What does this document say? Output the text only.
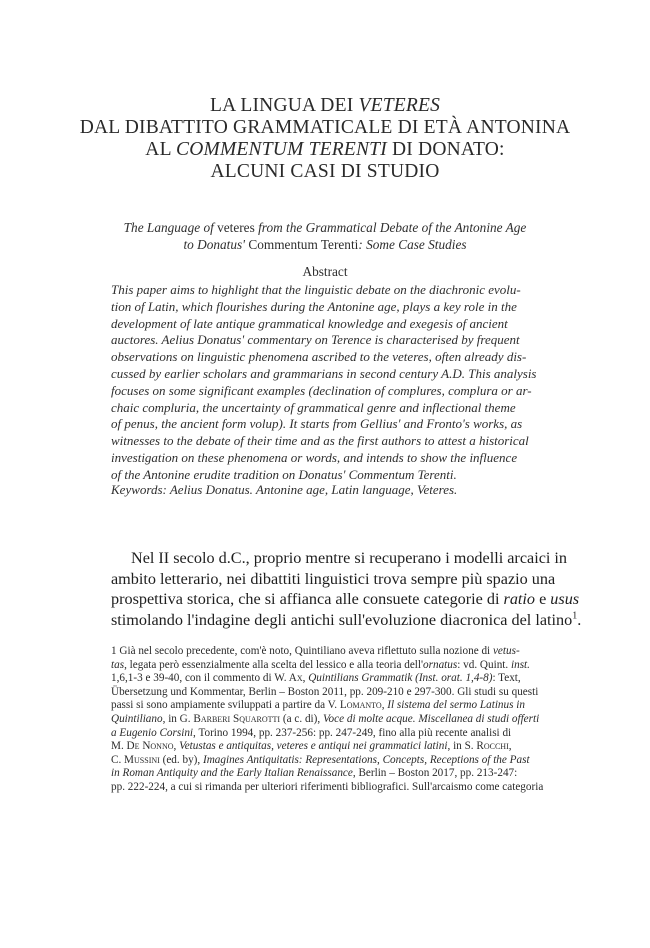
LA LINGUA DEI VETERES
DAL DIBATTITO GRAMMATICALE DI ETÀ ANTONINA
AL COMMENTUM TERENTI DI DONATO:
ALCUNI CASI DI STUDIO
The Language of veteres from the Grammatical Debate of the Antonine Age
to Donatus' Commentum Terenti: Some Case Studies
Abstract
This paper aims to highlight that the linguistic debate on the diachronic evolu-
tion of Latin, which flourishes during the Antonine age, plays a key role in the
development of late antique grammatical knowledge and exegesis of ancient
auctores. Aelius Donatus' commentary on Terence is characterised by frequent
observations on linguistic phenomena ascribed to the veteres, often already dis-
cussed by earlier scholars and grammarians in second century A.D. This analysis
focuses on some significant examples (declination of complures, complura or ar-
chaic compluria, the uncertainty of grammatical genre and inflectional theme
of penus, the ancient form volup). It starts from Gellius' and Fronto's works, as
witnesses to the debate of their time and as the first authors to attest a historical
investigation on these phenomena or words, and intends to show the influence
of the Antonine erudite tradition on Donatus' Commentum Terenti.
Keywords: Aelius Donatus. Antonine age, Latin language, Veteres.
Nel II secolo d.C., proprio mentre si recuperano i modelli arcaici in
ambito letterario, nei dibattiti linguistici trova sempre più spazio una
prospettiva storica, che si affianca alle consuete categorie di ratio e usus
stimolando l'indagine degli antichi sull'evoluzione diacronica del latino$^1$.
1 Già nel secolo precedente, com'è noto, Quintiliano aveva riflettuto sulla nozione di vetus-
tas, legata però essenzialmente alla scelta del lessico e alla teoria dell'ornatus: vd. Quint. inst.
1,6,1-3 e 39-40, con il commento di W. Ax, Quintilians Grammatik (Inst. orat. 1,4-8): Text,
Übersetzung und Kommentar, Berlin – Boston 2011, pp. 209-210 e 297-300. Gli studi su questi
passi si sono ampiamente sviluppati a partire da V. Lomanto, Il sistema del sermo Latinus in
Quintiliano, in G. Barberi Squarotti (a c. di), Voce di molte acque. Miscellanea di studi offerti
a Eugenio Corsini, Torino 1994, pp. 237-256: pp. 247-249, fino alla più recente analisi di
M. De Nonno, Vetustas e antiquitas, veteres e antiqui nei grammatici latini, in S. Rocchi,
C. Mussini (ed. by), Imagines Antiquitatis: Representations, Concepts, Receptions of the Past
in Roman Antiquity and the Early Italian Renaissance, Berlin – Boston 2017, pp. 213-247:
pp. 222-224, a cui si rimanda per ulteriori riferimenti bibliografici. Sull'arcaismo come categoria
